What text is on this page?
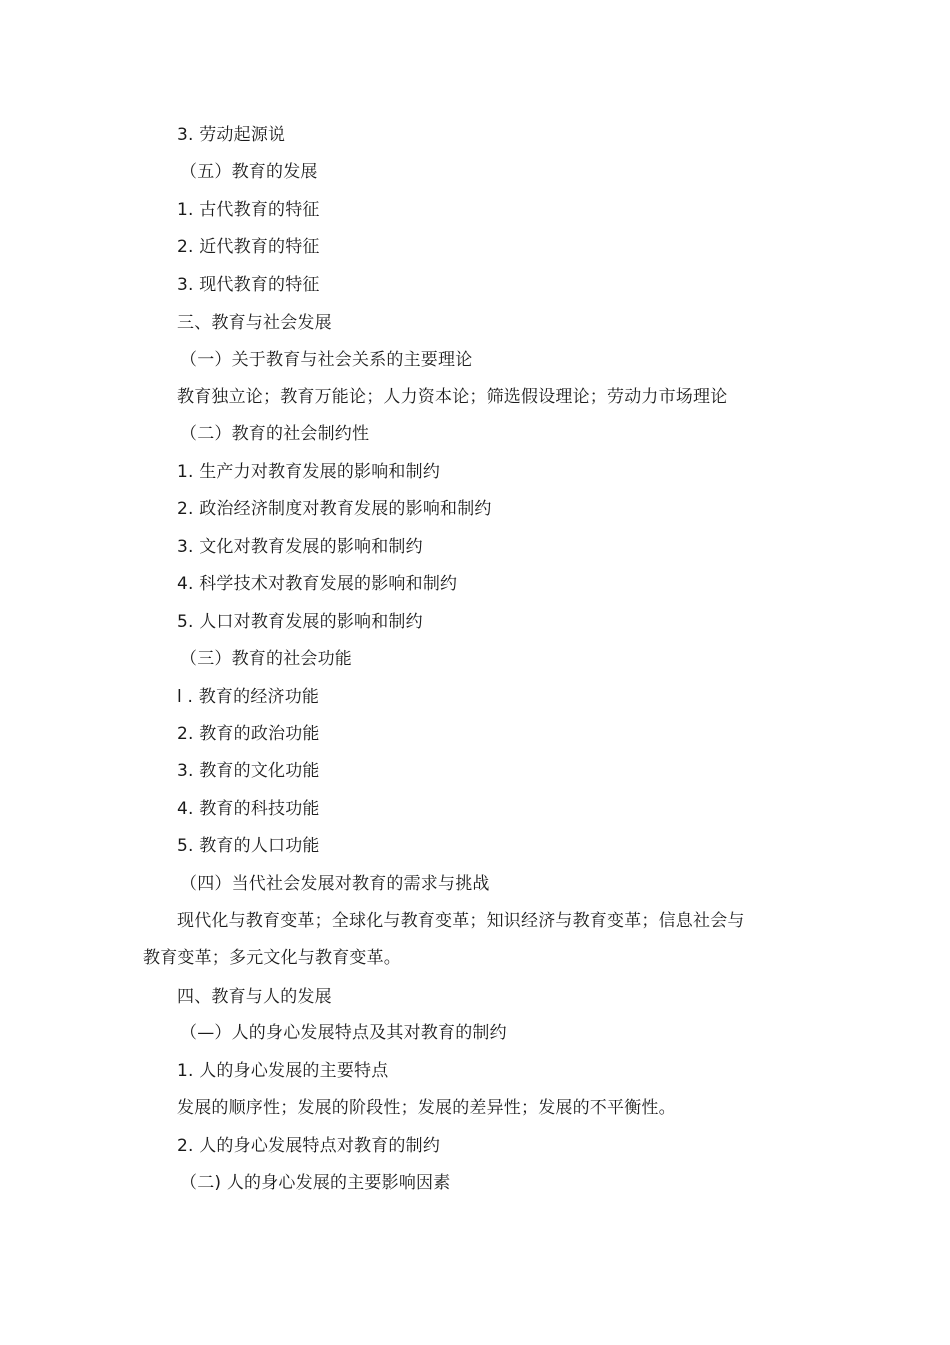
3. 劳动起源说
（五）教育的发展
1. 古代教育的特征
2. 近代教育的特征
3. 现代教育的特征
三、教育与社会发展
（一）关于教育与社会关系的主要理论
教育独立论；教育万能论；人力资本论；筛选假设理论；劳动力市场理论
（二）教育的社会制约性
1. 生产力对教育发展的影响和制约
2. 政治经济制度对教育发展的影响和制约
3. 文化对教育发展的影响和制约
4. 科学技术对教育发展的影响和制约
5. 人口对教育发展的影响和制约
（三）教育的社会功能
l . 教育的经济功能
2. 教育的政治功能
3. 教育的文化功能
4. 教育的科技功能
5. 教育的人口功能
（四）当代社会发展对教育的需求与挑战
现代化与教育变革；全球化与教育变革；知识经济与教育变革；信息社会与
教育变革；多元文化与教育变革。
四、教育与人的发展
（—）人的身心发展特点及其对教育的制约
1. 人的身心发展的主要特点
发展的顺序性；发展的阶段性；发展的差异性；发展的不平衡性。
2. 人的身心发展特点对教育的制约
（二) 人的身心发展的主要影响因素
